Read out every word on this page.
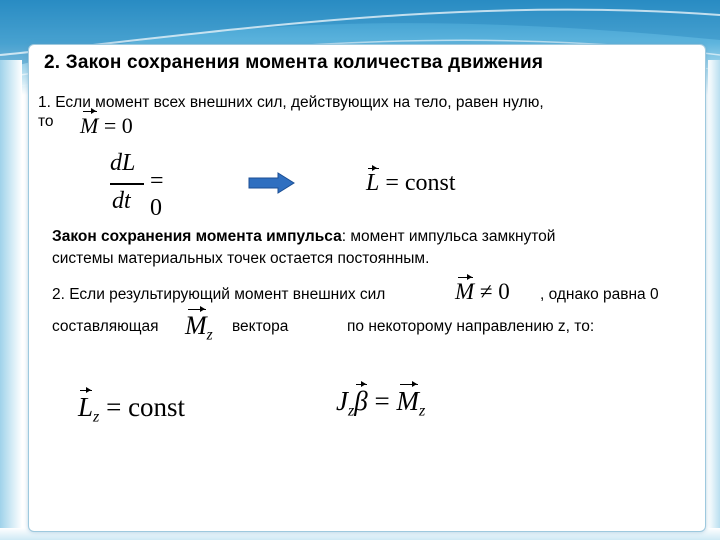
2. Закон сохранения момента количества движения
1. Если момент всех внешних сил, действующих на тело, равен нулю,
то M = 0
dL
dt
= 0
L = const
Закон сохранения момента импульса: момент импульса замкнутой
системы материальных точек остается постоянным.
2. Если результирующий момент внешних сил	M ≠ 0 , однако равна 0
составляющая $M_z$ вектора	по некоторому направлению z, то:
$L_z$ = const	$J_z\beta = M_z$
